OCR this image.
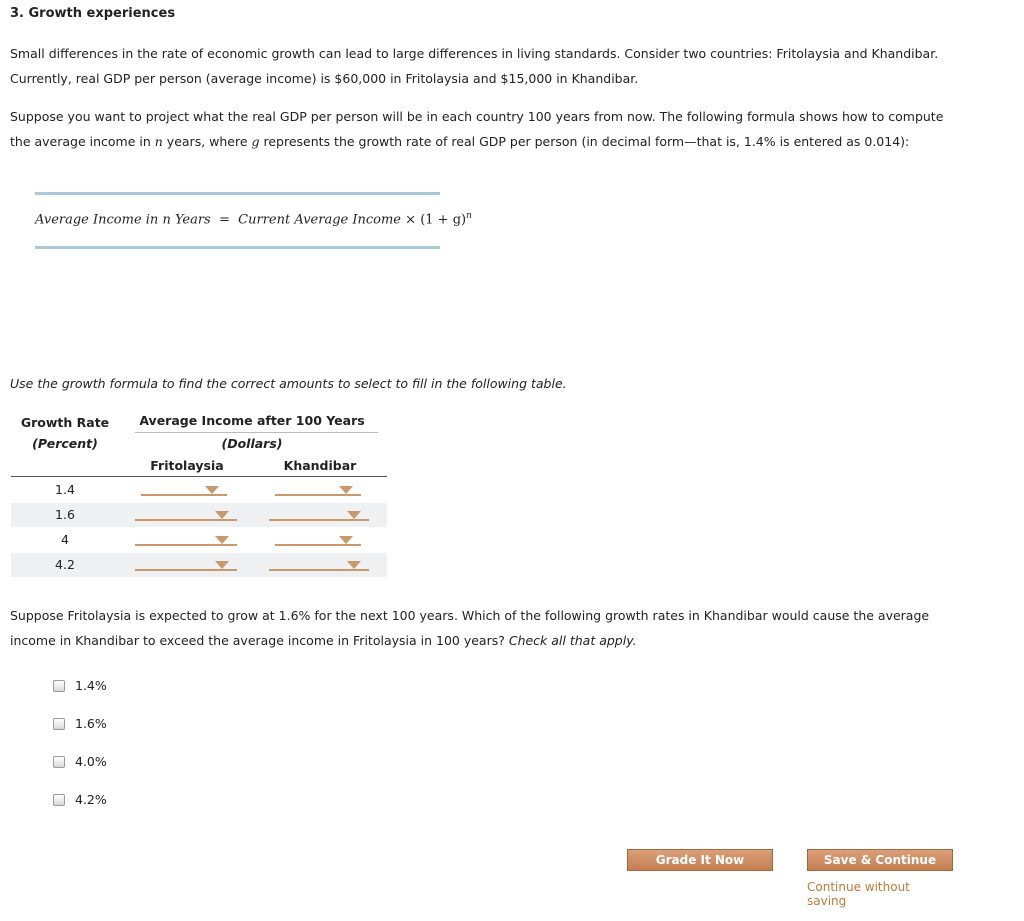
3. Growth experiences
Small differences in the rate of economic growth can lead to large differences in living standards. Consider two countries: Fritolaysia and Khandibar.
Currently, real GDP per person (average income) is $60,000 in Fritolaysia and $15,000 in Khandibar.
Suppose you want to project what the real GDP per person will be in each country 100 years from now. The following formula shows how to compute
the average income in n years, where g represents the growth rate of real GDP per person (in decimal form—that is, 1.4% is entered as 0.014):
Average Income in n Years = Current Average Income × $(1 + g)^n$
Use the growth formula to find the correct amounts to select to fill in the following table.
Growth Rate
(Percent)
Average Income after 100 Years
(Dollars)
Fritolaysia	Khandibar
1.4
1.6
4
4.2
Suppose Fritolaysia is expected to grow at 1.6% for the next 100 years. Which of the following growth rates in Khandibar would cause the average
income in Khandibar to exceed the average income in Fritolaysia in 100 years? Check all that apply.
1.4%
1.6%
4.0%
4.2%
Grade It Now	Save & Continue
Continue without saving
